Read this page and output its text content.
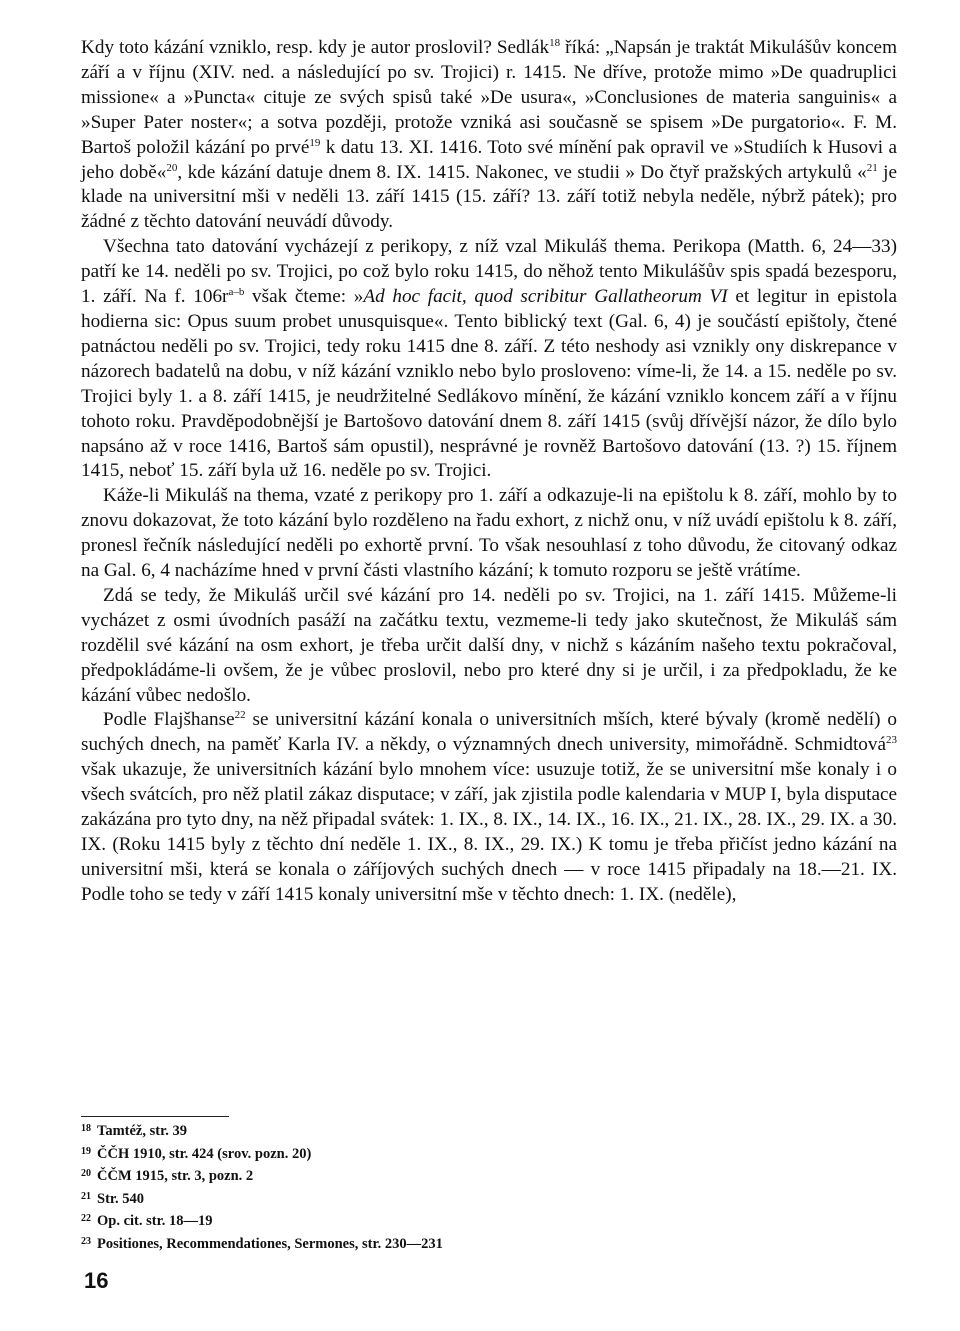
Kdy toto kázání vzniklo, resp. kdy je autor proslovil? Sedlák$^{18}$ říká: „Napsán je traktát Mikulášův koncem září a v říjnu (XIV. ned. a následující po sv. Trojici) r. 1415. Ne dříve, protože mimo »De quadruplici missione« a »Puncta« cituje ze svých spisů také »De usura«, »Conclusiones de materia sanguinis« a »Super Pater noster«; a sotva později, protože vzniká asi současně se spisem »De purgatorio«. F. M. Bartoš položil kázání po prvé$^{19}$ k datu 13. XI. 1416. Toto své mínění pak opravil ve »Studiích k Husovi a jeho době«$^{20}$, kde kázání datuje dnem 8. IX. 1415. Nakonec, ve studii » Do čtyř pražských artykulů «$^{21}$ je klade na universitní mši v neděli 13. září 1415 (15. září? 13. září totiž nebyla neděle, nýbrž pátek); pro žádné z těchto datování neuvádí důvody.

Všechna tato datování vycházejí z perikopy, z níž vzal Mikuláš thema. Perikopa (Matth. 6, 24—33) patří ke 14. neděli po sv. Trojici, po což bylo roku 1415, do něhož tento Mikulášův spis spadá bezesporu, 1. září. Na f. $106r^{a-b}$ však čteme: »Ad hoc facit, quod scribitur Gallatheorum VI et legitur in epistola hodierna sic: Opus suum probet unusquisque«. Tento biblický text (Gal. 6, 4) je součástí epištoly, čtené patnáctou neděli po sv. Trojici, tedy roku 1415 dne 8. září. Z této neshody asi vznikly ony diskrepance v názorech badatelů na dobu, v níž kázání vzniklo nebo bylo prosloveno: víme-li, že 14. a 15. neděle po sv. Trojici byly 1. a 8. září 1415, je neudržitelné Sedlákovo mínění, že kázání vzniklo koncem září a v říjnu tohoto roku. Pravděpodobnější je Bartošovo datování dnem 8. září 1415 (svůj dřívější názor, že dílo bylo napsáno až v roce 1416, Bartoš sám opustil), nesprávné je rovněž Bartošovo datování (13. ?) 15. říjnem 1415, neboť 15. září byla už 16. neděle po sv. Trojici.

Káže-li Mikuláš na thema, vzaté z perikopy pro 1. září a odkazuje-li na epištolu k 8. září, mohlo by to znovu dokazovat, že toto kázání bylo rozděleno na řadu exhort, z nichž onu, v níž uvádí epištolu k 8. září, pronesl řečník následující neděli po exhortě první. To však nesouhlasí z toho důvodu, že citovaný odkaz na Gal. 6, 4 nacházíme hned v první části vlastního kázání; k tomuto rozporu se ještě vrátíme.

Zdá se tedy, že Mikuláš určil své kázání pro 14. neděli po sv. Trojici, na 1. září 1415. Můžeme-li vycházet z osmi úvodních pasáží na začátku textu, vezmeme-li tedy jako skutečnost, že Mikuláš sám rozdělil své kázání na osm exhort, je třeba určit další dny, v nichž s kázáním našeho textu pokračoval, předpokládáme-li ovšem, že je vůbec proslovil, nebo pro které dny si je určil, i za předpokladu, že ke kázání vůbec nedošlo.

Podle Flajšhanse$^{22}$ se universitní kázání konala o universitních mších, které bývaly (kromě nedělí) o suchých dnech, na paměť Karla IV. a někdy, o významných dnech university, mimořádně. Schmidtová$^{23}$ však ukazuje, že universitních kázání bylo mnohem více: usuzuje totiž, že se universitní mše konaly i o všech svátcích, pro něž platil zákaz disputace; v září, jak zjistila podle kalendaria v MUP I, byla disputace zakázána pro tyto dny, na něž připadal svátek: 1. IX., 8. IX., 14. IX., 16. IX., 21. IX., 28. IX., 29. IX. a 30. IX. (Roku 1415 byly z těchto dní neděle 1. IX., 8. IX., 29. IX.) K tomu je třeba přičíst jedno kázání na universitní mši, která se konala o záříjových suchých dnech — v roce 1415 připadaly na 18.—21. IX. Podle toho se tedy v září 1415 konaly universitní mše v těchto dnech: 1. IX. (neděle),

18 Tamtéž, str. 39
19 ČČH 1910, str. 424 (srov. pozn. 20)
20 ČČM 1915, str. 3, pozn. 2
21 Str. 540
22 Op. cit. str. 18—19
23 Positiones, Recommendationes, Sermones, str. 230—231
16
